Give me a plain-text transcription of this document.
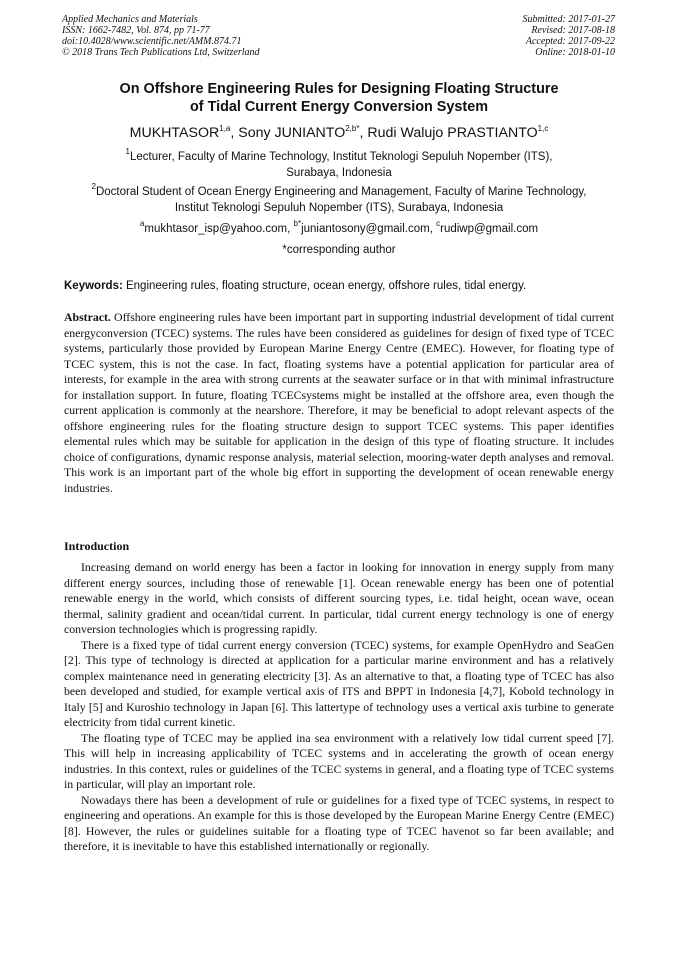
Applied Mechanics and Materials
ISSN: 1662-7482, Vol. 874, pp 71-77
doi:10.4028/www.scientific.net/AMM.874.71
© 2018 Trans Tech Publications Ltd, Switzerland
Submitted: 2017-01-27
Revised: 2017-08-18
Accepted: 2017-09-22
Online: 2018-01-10
On Offshore Engineering Rules for Designing Floating Structure
of Tidal Current Energy Conversion System
MUKHTASOR$^{1,a}$, Sony $JUNIANTO^{2,b*}$, Rudi Walujo PRASTIANTO$^{1,c}$
$^1$Lecturer, Faculty of Marine Technology, Institut Teknologi Sepuluh Nopember (ITS),
Surabaya, Indonesia
$^2$Doctoral Student of Ocean Energy Engineering and Management, Faculty of Marine Technology,
Institut Teknologi Sepuluh Nopember (ITS), Surabaya, Indonesia
$^a$mukhtasor_isp@yahoo.com, $^{b*}$juniantosony@gmail.com, $^c$rudiwp@gmail.com
*corresponding author
Keywords: Engineering rules, floating structure, ocean energy, offshore rules, tidal energy.
Abstract. Offshore engineering rules have been important part in supporting industrial development of tidal current energyconversion (TCEC) systems. The rules have been considered as guidelines for design of fixed type of TCEC systems, particularly those provided by European Marine Energy Centre (EMEC). However, for floating type of TCEC system, this is not the case. In fact, floating systems have a potential application for particular area of interests, for example in the area with strong currents at the seawater surface or in that with minimal infrastructure for installation support. In future, floating TCECsystems might be installed at the offshore area, even though the current application is commonly at the nearshore. Therefore, it may be beneficial to adopt relevant aspects of the offshore engineering rules for the floating structure design to support TCEC systems. This paper identifies elemental rules which may be suitable for application in the design of this type of floating structure. It includes choice of configurations, dynamic response analysis, material selection, mooring-water depth analyses and removal. This work is an important part of the whole big effort in supporting the development of ocean renewable energy industries.
Introduction

Increasing demand on world energy has been a factor in looking for innovation in energy supply from many different energy sources, including those of renewable [1]. Ocean renewable energy has been one of potential renewable energy in the world, which consists of different sourcing types, i.e. tidal height, ocean wave, ocean thermal, salinity gradient and ocean/tidal current. In particular, tidal current energy technology is one of energy conversion technologies which is progressing rapidly.

There is a fixed type of tidal current energy conversion (TCEC) systems, for example OpenHydro and SeaGen [2]. This type of technology is directed at application for a particular marine environment and has a relatively complex maintenance need in generating electricity [3]. As an alternative to that, a floating type of TCEC has also been developed and studied, for example vertical axis of ITS and BPPT in Indonesia [4,7], Kobold technology in Italy [5] and Kuroshio technology in Japan [6]. This lattertype of technology uses a vertical axis turbine to generate electricity from tidal current kinetic.

The floating type of TCEC may be applied ina sea environment with a relatively low tidal current speed [7]. This will help in increasing applicability of TCEC systems and in accelerating the growth of ocean energy industries. In this context, rules or guidelines of the TCEC systems in general, and a floating type of TCEC systems in particular, will play an important role.

Nowadays there has been a development of rule or guidelines for a fixed type of TCEC systems, in respect to engineering and operations. An example for this is those developed by the European Marine Energy Centre (EMEC) [8]. However, the rules or guidelines suitable for a floating type of TCEC havenot so far been available; and therefore, it is inevitable to have this established internationally or regionally.
